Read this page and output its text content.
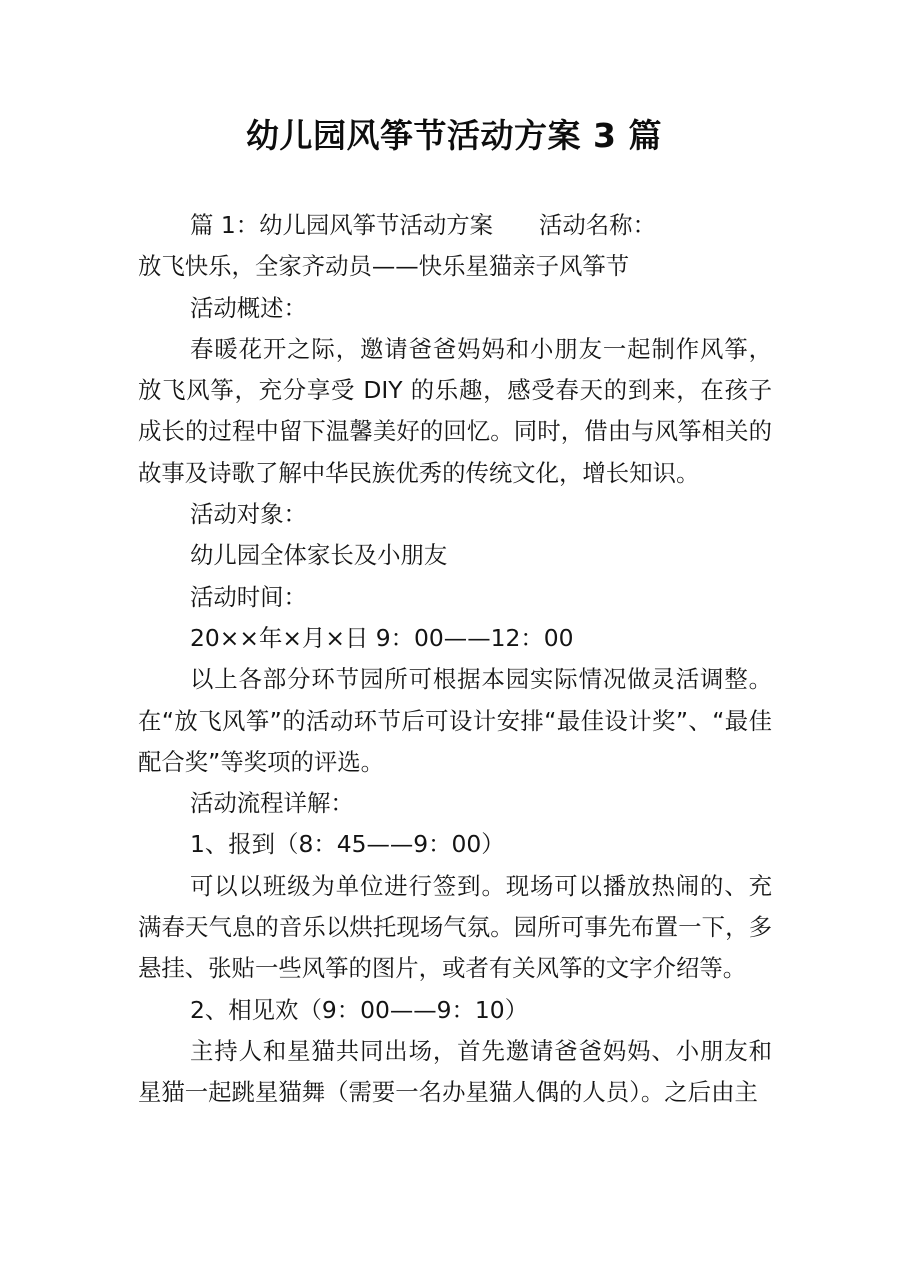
幼儿园风筝节活动方案 3 篇

篇 1：幼儿园风筝节活动方案 活动名称：

放飞快乐，全家齐动员——快乐星猫亲子风筝节

活动概述：

春暖花开之际，邀请爸爸妈妈和小朋友一起制作风筝，放飞风筝，充分享受 DIY 的乐趣，感受春天的到来，在孩子成长的过程中留下温馨美好的回忆。同时，借由与风筝相关的故事及诗歌了解中华民族优秀的传统文化，增长知识。

活动对象：

幼儿园全体家长及小朋友

活动时间：

20××年×月×日 9：00——12：00

以上各部分环节园所可根据本园实际情况做灵活调整。在“放飞风筝”的活动环节后可设计安排“最佳设计奖”、“最佳配合奖”等奖项的评选。

活动流程详解：

1、报到（8：45——9：00）

可以以班级为单位进行签到。现场可以播放热闹的、充满春天气息的音乐以烘托现场气氛。园所可事先布置一下，多悬挂、张贴一些风筝的图片，或者有关风筝的文字介绍等。

2、相见欢（9：00——9：10）

主持人和星猫共同出场，首先邀请爸爸妈妈、小朋友和星猫一起跳星猫舞（需要一名办星猫人偶的人员）。之后由主
